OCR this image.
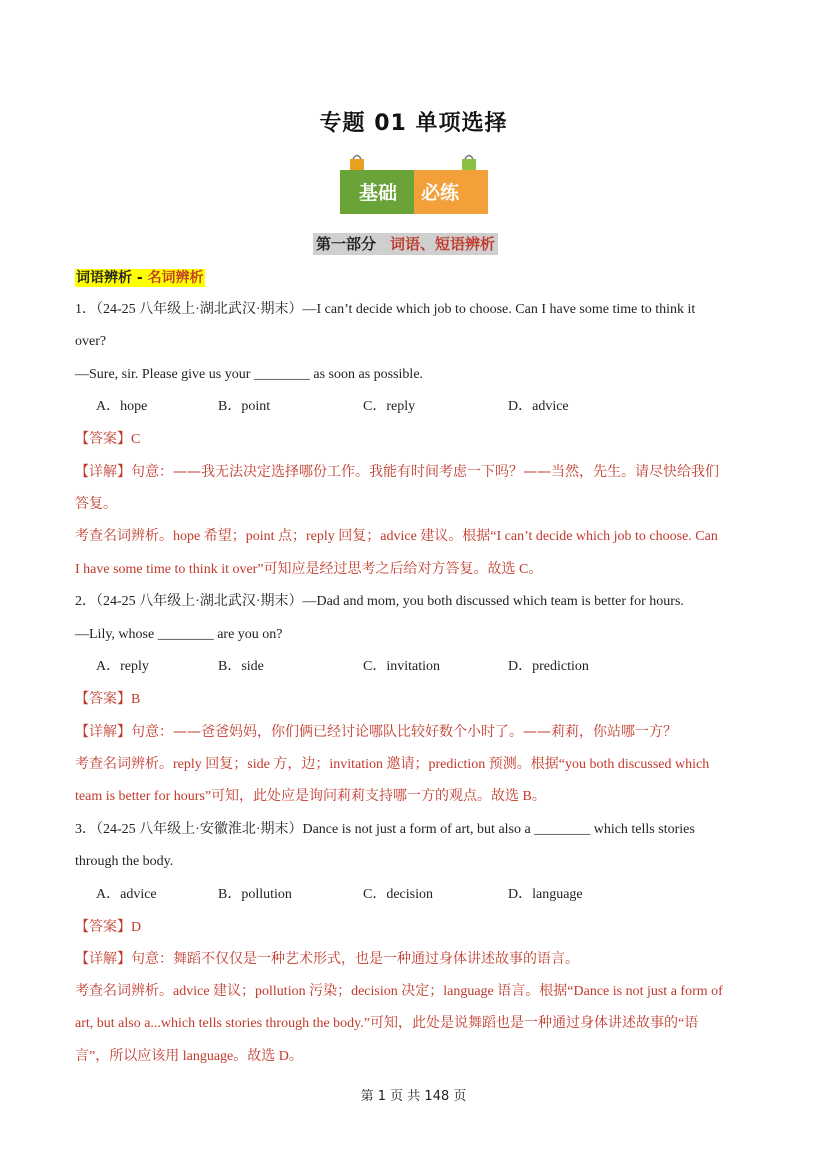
专题 01 单项选择
基础 必练
第一部分 词语、短语辨析
词语辨析 - 名词辨析
1．（24-25 八年级上·湖北武汉·期末）—I can’t decide which job to choose. Can I have some time to think it
over?
—Sure, sir. Please give us your ________ as soon as possible.
A．hope	B．point	C．reply	D．advice
【答案】C
【详解】句意：——我无法决定选择哪份工作。我能有时间考虑一下吗？——当然，先生。请尽快给我们
答复。
考查名词辨析。hope 希望；point 点；reply 回复；advice 建议。根据“I can’t decide which job to choose. Can
I have some time to think it over”可知应是经过思考之后给对方答复。故选 C。
2．（24-25 八年级上·湖北武汉·期末）—Dad and mom, you both discussed which team is better for hours.
—Lily, whose ________ are you on?
A．reply	B．side	C．invitation	D．prediction
【答案】B
【详解】句意：——爸爸妈妈，你们俩已经讨论哪队比较好数个小时了。——莉莉，你站哪一方？
考查名词辨析。reply 回复；side 方，边；invitation 邀请；prediction 预测。根据“you both discussed which
team is better for hours”可知，此处应是询问莉莉支持哪一方的观点。故选 B。
3．（24-25 八年级上·安徽淮北·期末）Dance is not just a form of art, but also a ________ which tells stories
through the body.
A．advice	B．pollution	C．decision	D．language
【答案】D
【详解】句意：舞蹈不仅仅是一种艺术形式，也是一种通过身体讲述故事的语言。
考查名词辨析。advice 建议；pollution 污染；decision 决定；language 语言。根据“Dance is not just a form of
art, but also a...which tells stories through the body.”可知，此处是说舞蹈也是一种通过身体讲述故事的“语
言”，所以应该用 language。故选 D。
第 1 页 共 148 页
